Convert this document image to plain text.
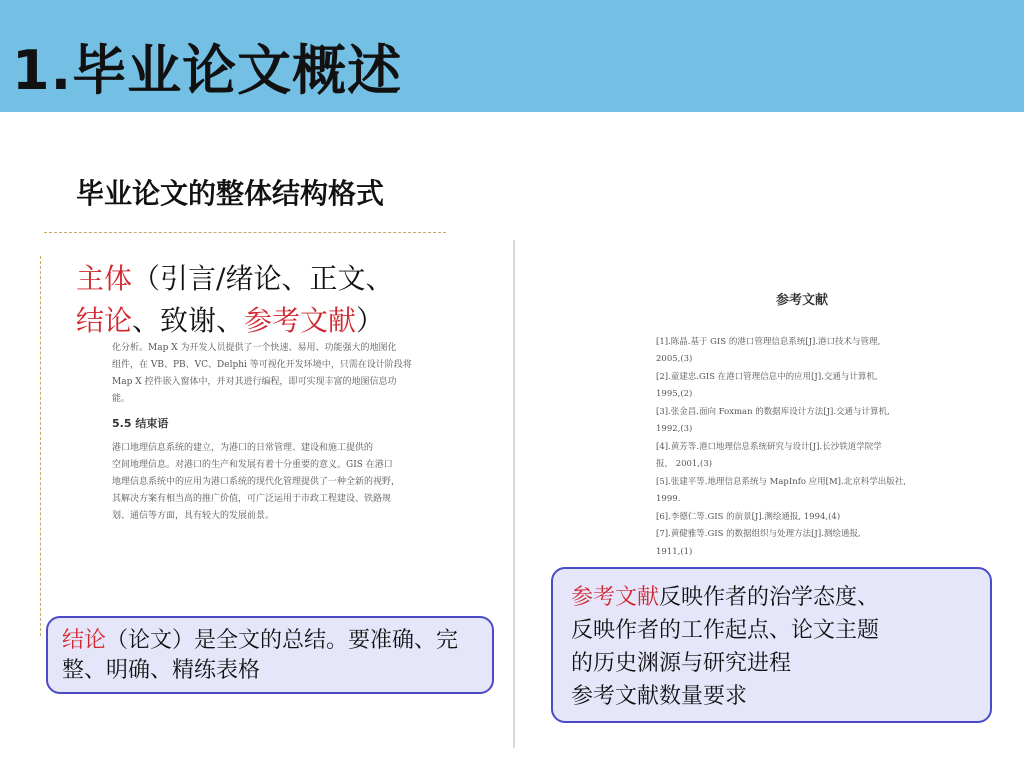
1.毕业论文概述
毕业论文的整体结构格式
主体（引言/绪论、正文、
结论、致谢、参考文献）

化分析。Map X 为开发人员提供了一个快速、易用、功能强大的地图化

组件，在 VB、PB、VC、Delphi 等可视化开发环境中，只需在设计阶段将

Map X 控件嵌入窗体中，并对其进行编程，即可实现丰富的地图信息功

能。

5.5 结束语

港口地理信息系统的建立，为港口的日常管理、建设和施工提供的

空间地理信息。对港口的生产和发展有着十分重要的意义。GIS 在港口

地理信息系统中的应用为港口系统的现代化管理提供了一种全新的视野，

其解决方案有相当高的推广价值，可广泛运用于市政工程建设、铁路规

划、通信等方面，具有较大的发展前景。

参考文献

[1].陈晶.基于 GIS 的港口管理信息系统[J].港口技术与管理,

2005,(3)

[2].童建忠.GIS 在港口管理信息中的应用[J].交通与计算机,

1995,(2)

[3].张金昌.面向 Foxman 的数据库设计方法[J].交通与计算机,

1992,(3)

[4].黄芳等.港口地理信息系统研究与设计[J].长沙铁道学院学

报， 2001,(3)

[5].张建平等.地理信息系统与 MapInfo 应用[M].北京科学出版社,

1999.

[6].李德仁等.GIS 的前景[J].测绘通报, 1994,(4)

[7].黄健雅等.GIS 的数据组织与处理方法[J].测绘通报,

1911,(1)

结论（论文）是全文的总结。要准确、完整、明确、精练表格

参考文献反映作者的治学态度、

反映作者的工作起点、论文主题

的历史渊源与研究进程

参考文献数量要求
